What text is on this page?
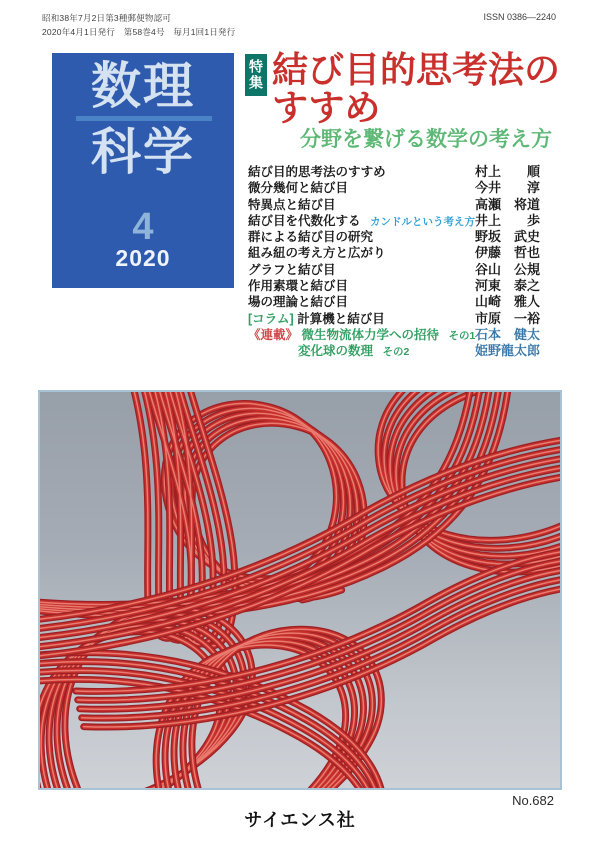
昭和38年7月2日第3種郵便物認可
2020年4月1日発行　第58巻4号　毎月1回1日発行
ISSN 0386—2240
数理
科学
4
2020
特集 結び目的思考法の
すすめ
分野を繋げる数学の考え方
結び目的思考法のすすめ	村上　　順
微分幾何と結び目	今井　　淳
特異点と結び目	高瀬　将道
結び目を代数化する カンドルという考え方 井上　　歩
群による結び目の研究	野坂　武史
組み紐の考え方と広がり	伊藤　哲也
グラフと結び目	谷山　公規
作用素環と結び目	河東　泰之
場の理論と結び目	山崎　雅人
[コラム] 計算機と結び目	市原　一裕
《連載》 微生物流体力学への招待 その1 石本　健太
変化球の数理 その2	姫野龍太郎
No.682
サイエンス社
